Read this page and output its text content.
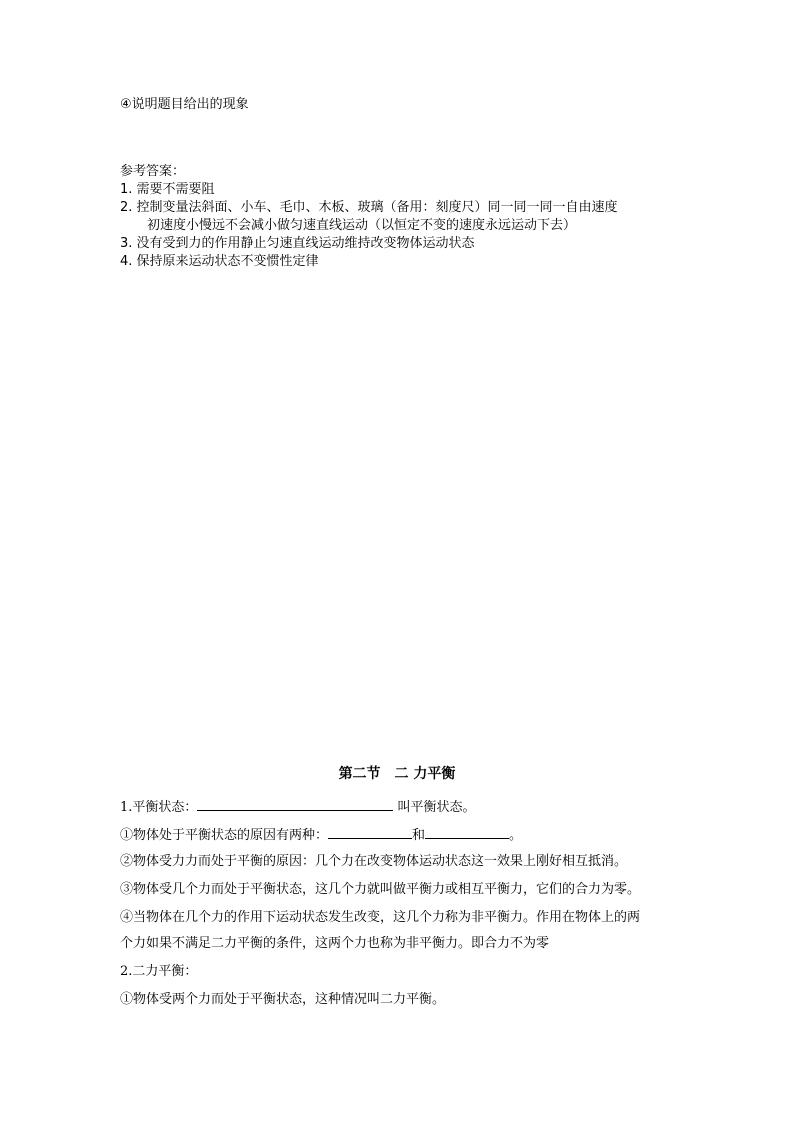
④说明题目给出的现象
参考答案：
1. 需要不需要阻
2. 控制变量法斜面、小车、毛巾、木板、玻璃（备用：刻度尺）同一同一同一自由速度
初速度小慢远不会减小做匀速直线运动（以恒定不变的速度永远运动下去）
3. 没有受到力的作用静止匀速直线运动维持改变物体运动状态
4. 保持原来运动状态不变惯性定律
第二节　二 力平衡
1.平衡状态：	叫平衡状态。
①物体处于平衡状态的原因有两种：	和	。
②物体受力力而处于平衡的原因：几个力在改变物体运动状态这一效果上刚好相互抵消。
③物体受几个力而处于平衡状态，这几个力就叫做平衡力或相互平衡力，它们的合力为零。
④当物体在几个力的作用下运动状态发生改变，这几个力称为非平衡力。作用在物体上的两
个力如果不满足二力平衡的条件，这两个力也称为非平衡力。即合力不为零
2.二力平衡：
①物体受两个力而处于平衡状态，这种情况叫二力平衡。
